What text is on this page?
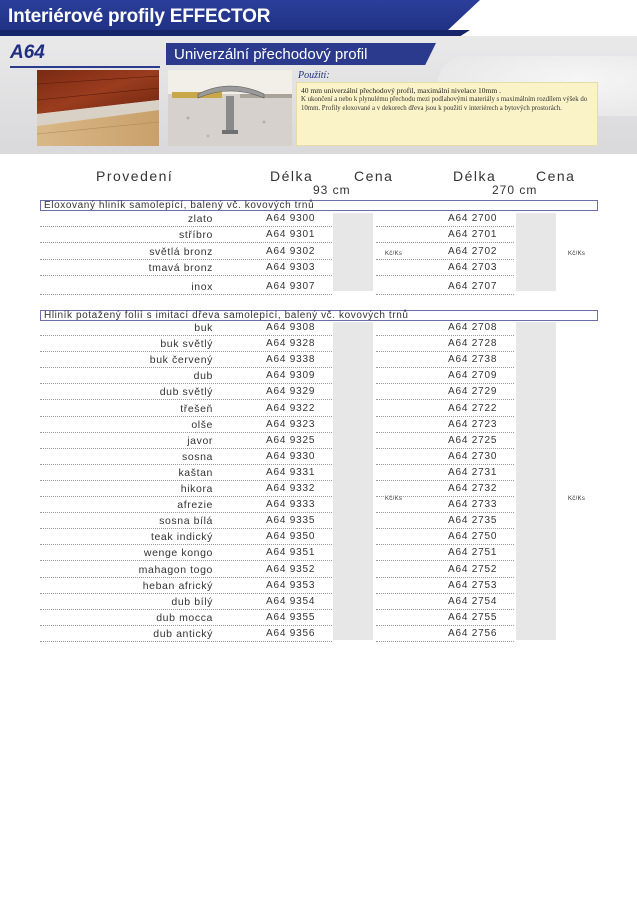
Interiérové profily EFFECTOR
A64	Univerzální přechodový profil
Použití:
40 mm univerzální přechodový profil, maximální nivelace 10mm .
K ukončení a nebo k plynulému přechodu mezi podlahovými materiály s maximálním rozdílem výšek do 10mm. Profily eloxované a v dekorech dřeva jsou k použití v interiérech a bytových prostorách.
Provedení	Délka	Cena
93 cm
Délka	Cena
270 cm
Eloxovaný hliník samolepící, balený vč. kovových trnů
Kč/Ks	Kč/Ks
zlato	A64 9300	A64 2700
stříbro	A64 9301	A64 2701
světlá bronz	A64 9302	A64 2702
tmavá bronz	A64 9303	A64 2703
inox	A64 9307	A64 2707
Hliník potažený folií s imitací dřeva samolepící, balený vč. kovových trnů
Kč/Ks	Kč/Ks
buk	A64 9308	A64 2708
buk světlý	A64 9328	A64 2728
buk červený	A64 9338	A64 2738
dub	A64 9309	A64 2709
dub světlý	A64 9329	A64 2729
třešeň	A64 9322	A64 2722
olše	A64 9323	A64 2723
javor	A64 9325	A64 2725
sosna	A64 9330	A64 2730
kaštan	A64 9331	A64 2731
hikora	A64 9332	A64 2732
afrezie	A64 9333	A64 2733
sosna bílá	A64 9335	A64 2735
teak indický	A64 9350	A64 2750
wenge kongo	A64 9351	A64 2751
mahagon togo	A64 9352	A64 2752
heban africký	A64 9353	A64 2753
dub bílý	A64 9354	A64 2754
dub mocca	A64 9355	A64 2755
dub antický	A64 9356	A64 2756
